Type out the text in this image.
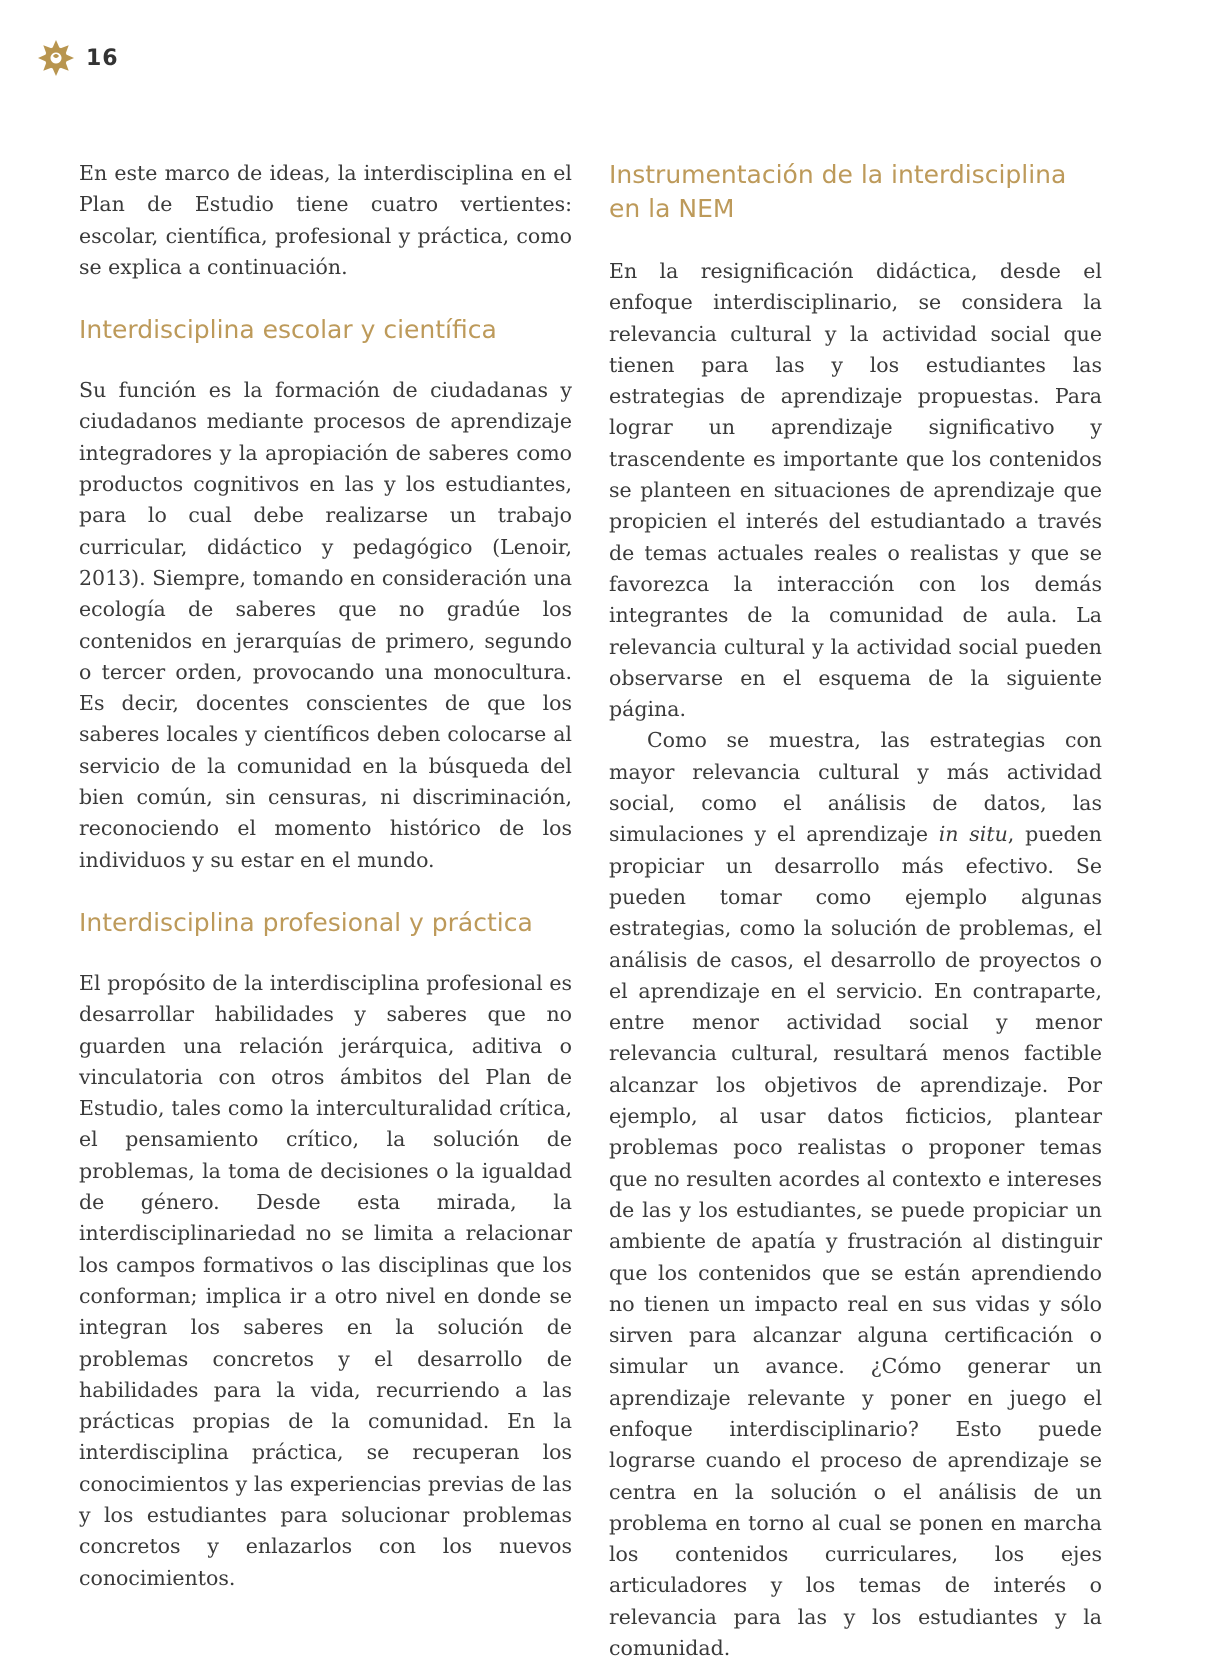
16

En este marco de ideas, la interdisciplina en el Plan de Estudio tiene cuatro vertientes: escolar, científica, profesional y práctica, como se explica a continuación.

Interdisciplina escolar y científica

Su función es la formación de ciudadanas y ciudadanos mediante procesos de aprendizaje integradores y la apropiación de saberes como productos cognitivos en las y los estudiantes, para lo cual debe realizarse un trabajo curricular, didáctico y pedagógico (Lenoir, 2013). Siempre, tomando en consideración una ecología de saberes que no gradúe los contenidos en jerarquías de primero, segundo o tercer orden, provocando una monocultura. Es decir, docentes conscientes de que los saberes locales y científicos deben colocarse al servicio de la comunidad en la búsqueda del bien común, sin censuras, ni discriminación, reconociendo el momento histórico de los individuos y su estar en el mundo.

Interdisciplina profesional y práctica

El propósito de la interdisciplina profesional es desarrollar habilidades y saberes que no guarden una relación jerárquica, aditiva o vinculatoria con otros ámbitos del Plan de Estudio, tales como la interculturalidad crítica, el pensamiento crítico, la solución de problemas, la toma de decisiones o la igualdad de género. Desde esta mirada, la interdisciplinariedad no se limita a relacionar los campos formativos o las disciplinas que los conforman; implica ir a otro nivel en donde se integran los saberes en la solución de problemas concretos y el desarrollo de habilidades para la vida, recurriendo a las prácticas propias de la comunidad. En la interdisciplina práctica, se recuperan los conocimientos y las experiencias previas de las y los estudiantes para solucionar problemas concretos y enlazarlos con los nuevos conocimientos.

Instrumentación de la interdisciplina
en la NEM

En la resignificación didáctica, desde el enfoque interdisciplinario, se considera la relevancia cultural y la actividad social que tienen para las y los estudiantes las estrategias de aprendizaje propuestas. Para lograr un aprendizaje significativo y trascendente es importante que los contenidos se planteen en situaciones de aprendizaje que propicien el interés del estudiantado a través de temas actuales reales o realistas y que se favorezca la interacción con los demás integrantes de la comunidad de aula. La relevancia cultural y la actividad social pueden observarse en el esquema de la siguiente página.

Como se muestra, las estrategias con mayor relevancia cultural y más actividad social, como el análisis de datos, las simulaciones y el aprendizaje in situ, pueden propiciar un desarrollo más efectivo. Se pueden tomar como ejemplo algunas estrategias, como la solución de problemas, el análisis de casos, el desarrollo de proyectos o el aprendizaje en el servicio. En contraparte, entre menor actividad social y menor relevancia cultural, resultará menos factible alcanzar los objetivos de aprendizaje. Por ejemplo, al usar datos ficticios, plantear problemas poco realistas o proponer temas que no resulten acordes al contexto e intereses de las y los estudiantes, se puede propiciar un ambiente de apatía y frustración al distinguir que los contenidos que se están aprendiendo no tienen un impacto real en sus vidas y sólo sirven para alcanzar alguna certificación o simular un avance. ¿Cómo generar un aprendizaje relevante y poner en juego el enfoque interdisciplinario? Esto puede lograrse cuando el proceso de aprendizaje se centra en la solución o el análisis de un problema en torno al cual se ponen en marcha los contenidos curriculares, los ejes articuladores y los temas de interés o relevancia para las y los estudiantes y la comunidad.
